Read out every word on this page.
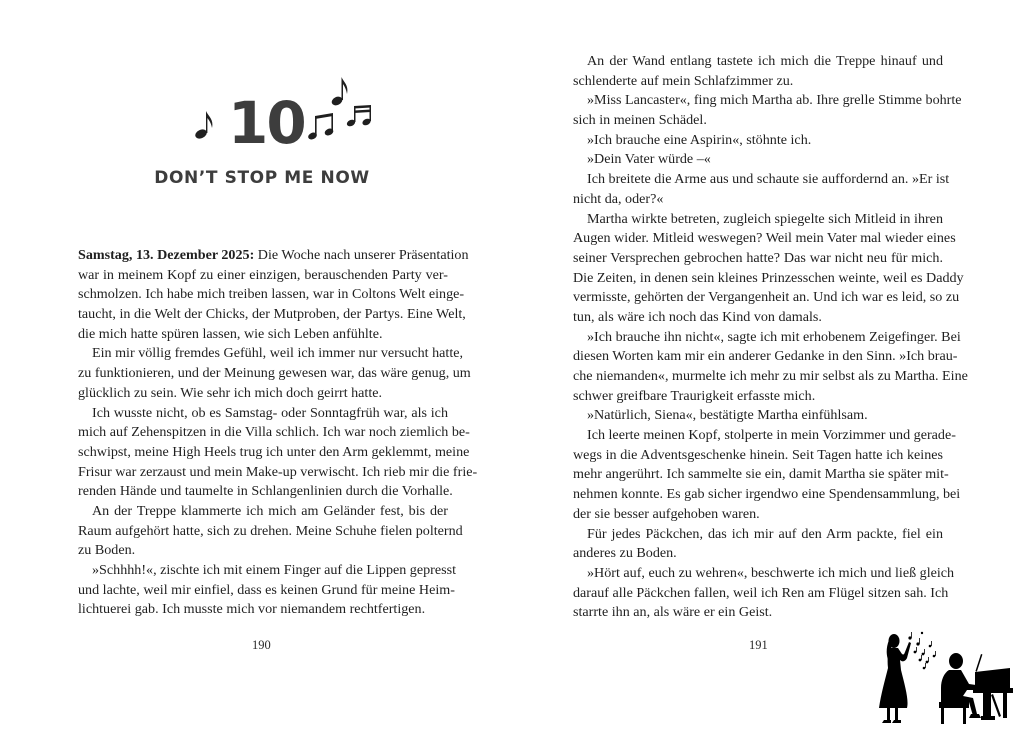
10
DON’T STOP ME NOW
Samstag, 13. Dezember 2025: Die Woche nach unserer Präsentation
war in meinem Kopf zu einer einzigen, berauschenden Party ver-
schmolzen. Ich habe mich treiben lassen, war in Coltons Welt einge-
taucht, in die Welt der Chicks, der Mutproben, der Partys. Eine Welt,
die mich hatte spüren lassen, wie sich Leben anfühlte.
Ein mir völlig fremdes Gefühl, weil ich immer nur versucht hatte,
zu funktionieren, und der Meinung gewesen war, das wäre genug, um
glücklich zu sein. Wie sehr ich mich doch geirrt hatte.
Ich wusste nicht, ob es Samstag- oder Sonntagfrüh war, als ich
mich auf Zehenspitzen in die Villa schlich. Ich war noch ziemlich be-
schwipst, meine High Heels trug ich unter den Arm geklemmt, meine
Frisur war zerzaust und mein Make-up verwischt. Ich rieb mir die frie-
renden Hände und taumelte in Schlangenlinien durch die Vorhalle.
An der Treppe klammerte ich mich am Geländer fest, bis der
Raum aufgehört hatte, sich zu drehen. Meine Schuhe fielen polternd
zu Boden.
»Schhhh!«, zischte ich mit einem Finger auf die Lippen gepresst
und lachte, weil mir einfiel, dass es keinen Grund für meine Heim-
lichtuerei gab. Ich musste mich vor niemandem rechtfertigen.
190
An der Wand entlang tastete ich mich die Treppe hinauf und
schlenderte auf mein Schlafzimmer zu.
»Miss Lancaster«, fing mich Martha ab. Ihre grelle Stimme bohrte
sich in meinen Schädel.
»Ich brauche eine Aspirin«, stöhnte ich.
»Dein Vater würde –«
Ich breitete die Arme aus und schaute sie auffordernd an. »Er ist
nicht da, oder?«
Martha wirkte betreten, zugleich spiegelte sich Mitleid in ihren
Augen wider. Mitleid weswegen? Weil mein Vater mal wieder eines
seiner Versprechen gebrochen hatte? Das war nicht neu für mich.
Die Zeiten, in denen sein kleines Prinzesschen weinte, weil es Daddy
vermisste, gehörten der Vergangenheit an. Und ich war es leid, so zu
tun, als wäre ich noch das Kind von damals.
»Ich brauche ihn nicht«, sagte ich mit erhobenem Zeigefinger. Bei
diesen Worten kam mir ein anderer Gedanke in den Sinn. »Ich brau-
che niemanden«, murmelte ich mehr zu mir selbst als zu Martha. Eine
schwer greifbare Traurigkeit erfasste mich.
»Natürlich, Siena«, bestätigte Martha einfühlsam.
Ich leerte meinen Kopf, stolperte in mein Vorzimmer und gerade-
wegs in die Adventsgeschenke hinein. Seit Tagen hatte ich keines
mehr angerührt. Ich sammelte sie ein, damit Martha sie später mit-
nehmen konnte. Es gab sicher irgendwo eine Spendensammlung, bei
der sie besser aufgehoben waren.
Für jedes Päckchen, das ich mir auf den Arm packte, fiel ein
anderes zu Boden.
»Hört auf, euch zu wehren«, beschwerte ich mich und ließ gleich
darauf alle Päckchen fallen, weil ich Ren am Flügel sitzen sah. Ich
starrte ihn an, als wäre er ein Geist.
191
